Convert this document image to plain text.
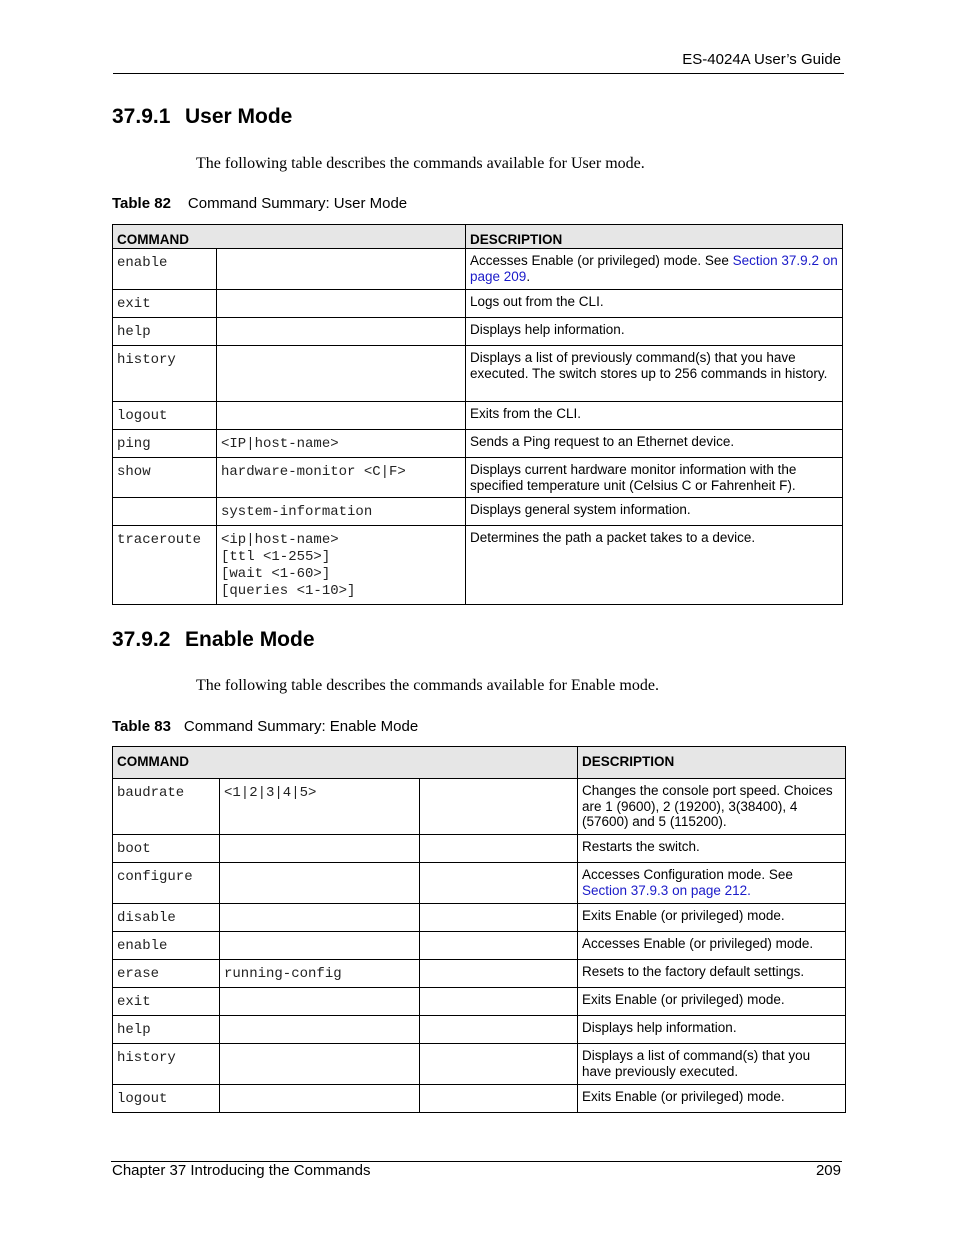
ES-4024A User’s Guide
37.9.1 User Mode
The following table describes the commands available for User mode.
Table 82 Command Summary: User Mode
COMMAND		DESCRIPTION
enable		Accesses Enable (or privileged) mode. See Section 37.9.2 on page 209.
exit		Logs out from the CLI.
help		Displays help information.
history		Displays a list of previously command(s) that you have executed. The switch stores up to 256 commands in history.
logout		Exits from the CLI.
ping	<IP|host-name>	Sends a Ping request to an Ethernet device.
show	hardware-monitor <C|F>	Displays current hardware monitor information with the specified temperature unit (Celsius C or Fahrenheit F).
	system-information	Displays general system information.
traceroute	<ip|host-name>
[ttl <1-255>]
[wait <1-60>]
[queries <1-10>]	Determines the path a packet takes to a device.
37.9.2 Enable Mode
The following table describes the commands available for Enable mode.
Table 83 Command Summary: Enable Mode
COMMAND			DESCRIPTION
baudrate	<1|2|3|4|5>		Changes the console port speed. Choices are 1 (9600), 2 (19200), 3(38400), 4 (57600) and 5 (115200).
boot			Restarts the switch.
configure			Accesses Configuration mode. See Section 37.9.3 on page 212.
disable			Exits Enable (or privileged) mode.
enable			Accesses Enable (or privileged) mode.
erase	running-config		Resets to the factory default settings.
exit			Exits Enable (or privileged) mode.
help			Displays help information.
history			Displays a list of command(s) that you have previously executed.
logout			Exits Enable (or privileged) mode.
Chapter 37 Introducing the Commands	209
